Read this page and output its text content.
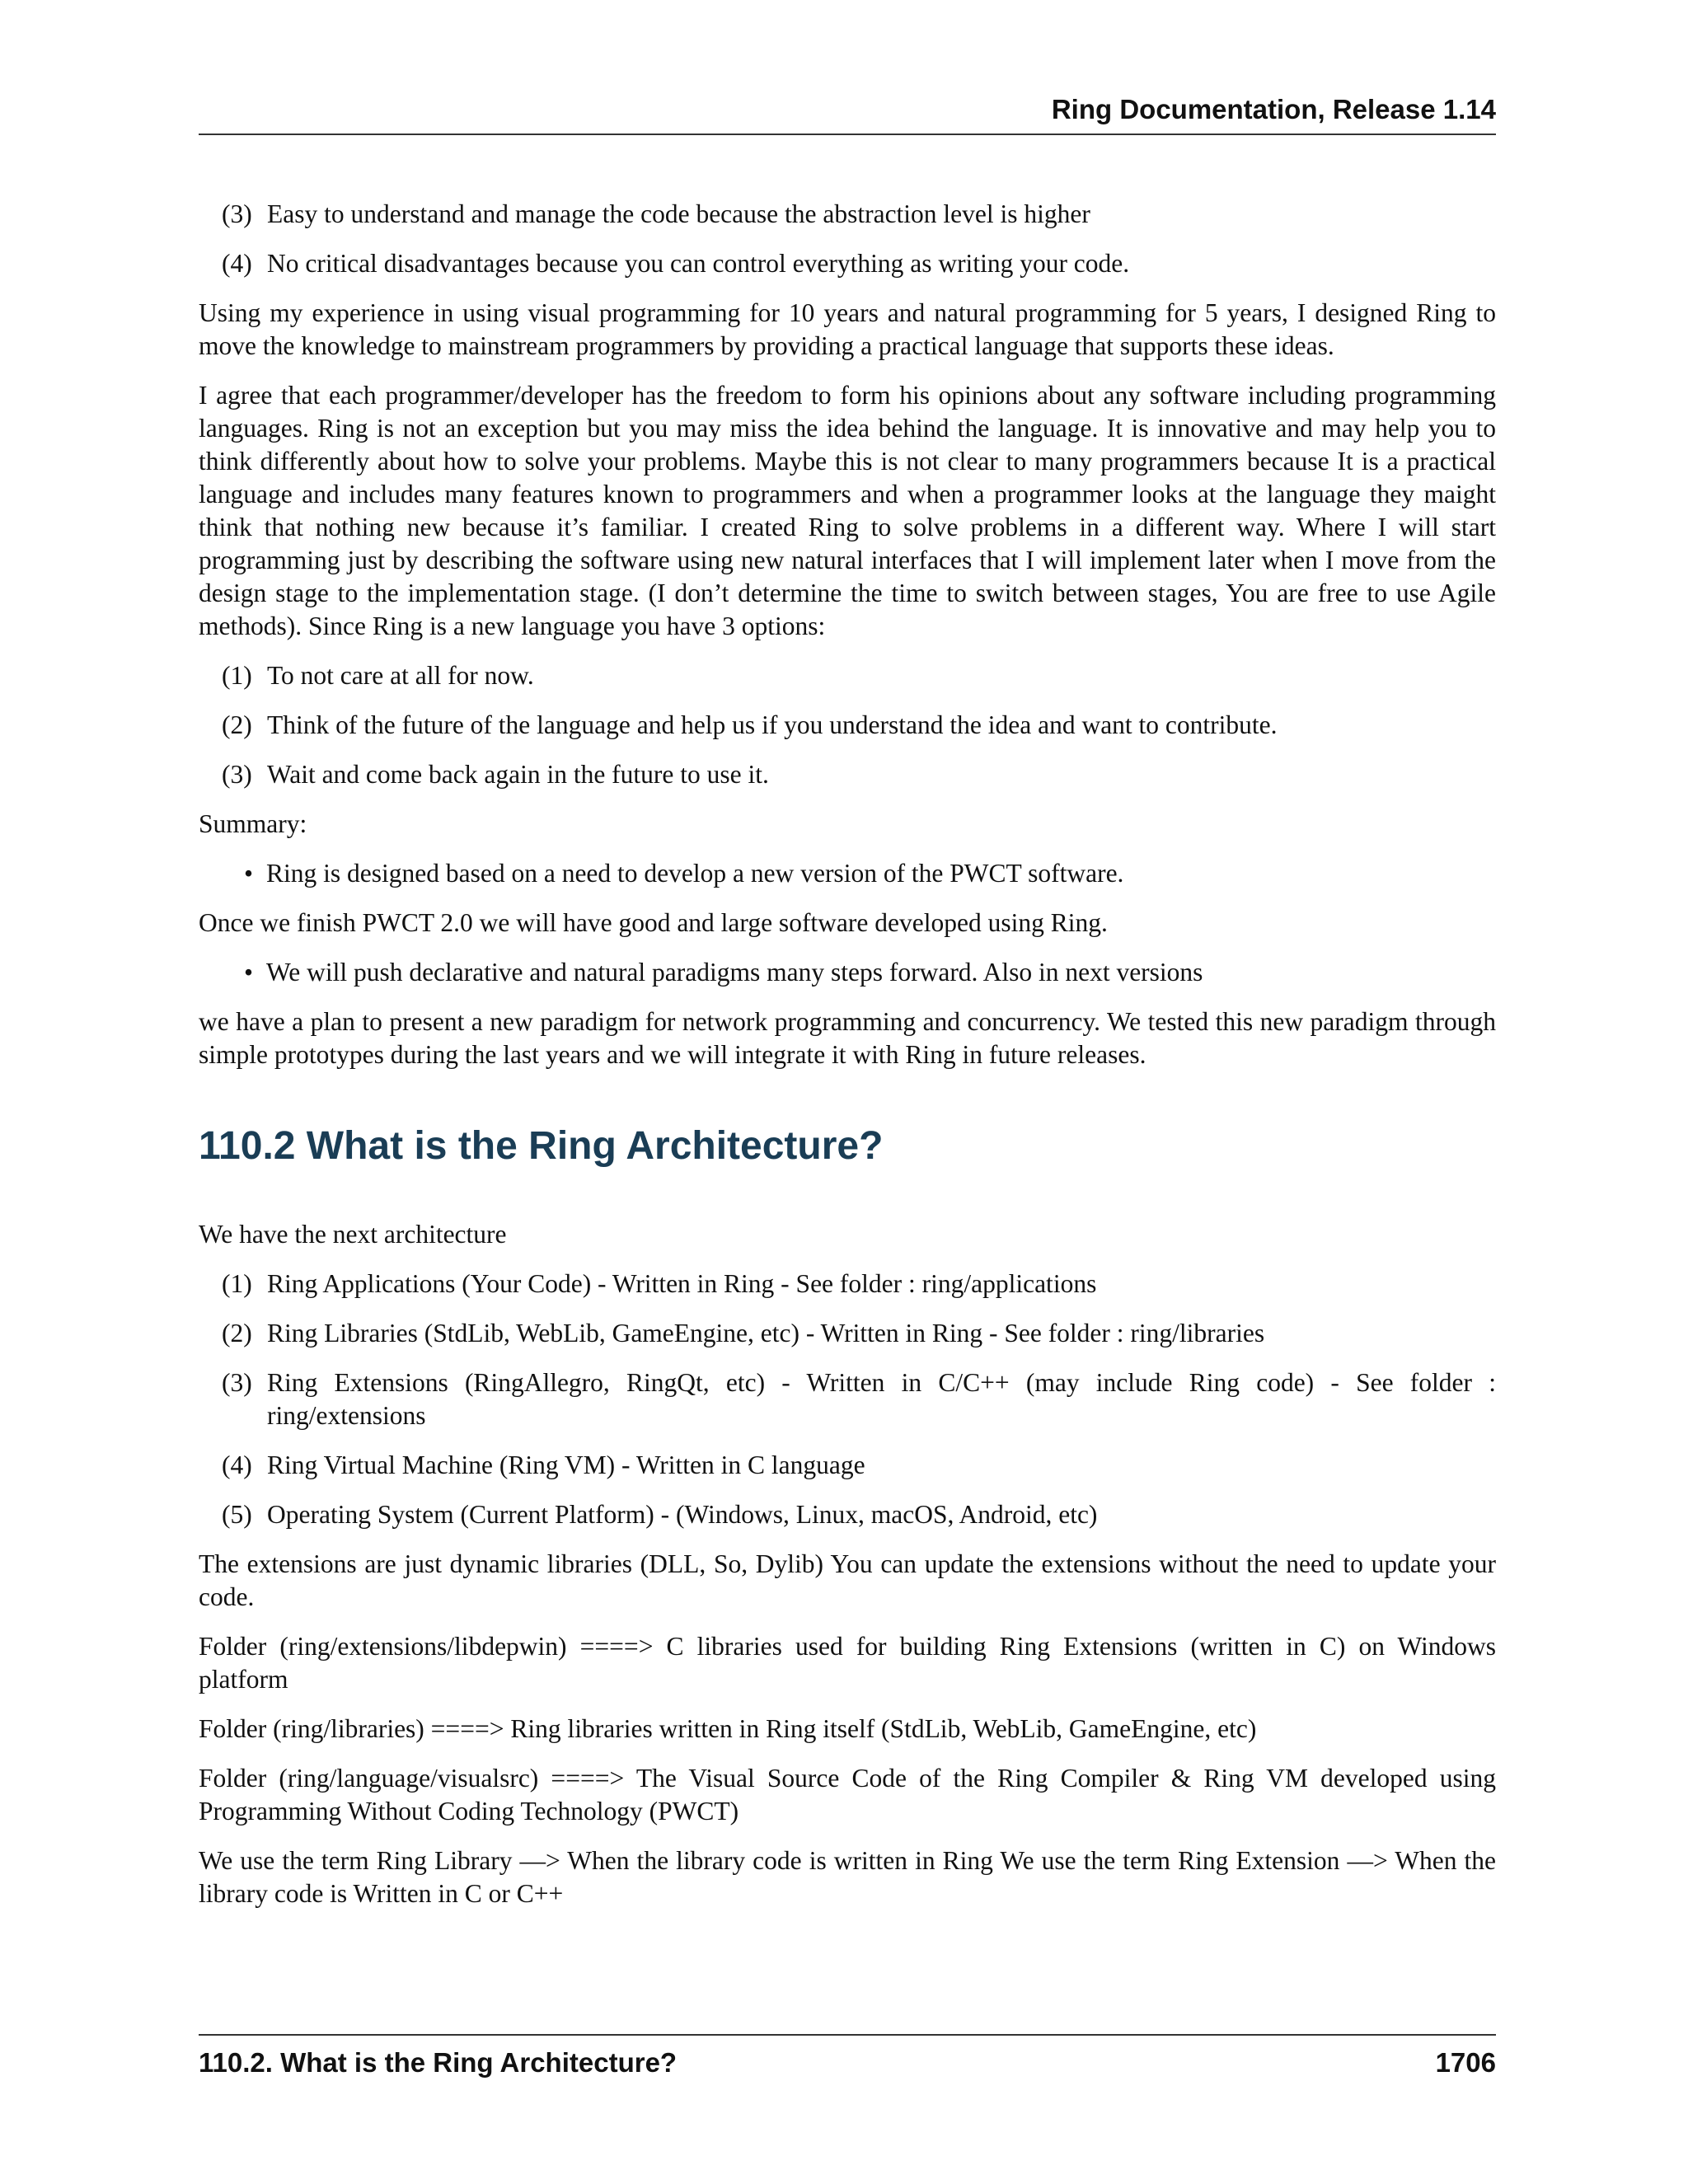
Ring Documentation, Release 1.14
(3) Easy to understand and manage the code because the abstraction level is higher
(4) No critical disadvantages because you can control everything as writing your code.

Using my experience in using visual programming for 10 years and natural programming for 5 years, I designed Ring to move the knowledge to mainstream programmers by providing a practical language that supports these ideas.

I agree that each programmer/developer has the freedom to form his opinions about any software including programming languages. Ring is not an exception but you may miss the idea behind the language. It is innovative and may help you to think differently about how to solve your problems. Maybe this is not clear to many programmers because It is a practical language and includes many features known to programmers and when a programmer looks at the language they maight think that nothing new because it’s familiar. I created Ring to solve problems in a different way. Where I will start programming just by describing the software using new natural interfaces that I will implement later when I move from the design stage to the implementation stage. (I don’t determine the time to switch between stages, You are free to use Agile methods). Since Ring is a new language you have 3 options:

(1) To not care at all for now.
(2) Think of the future of the language and help us if you understand the idea and want to contribute.
(3) Wait and come back again in the future to use it.

Summary:

• Ring is designed based on a need to develop a new version of the PWCT software.

Once we finish PWCT 2.0 we will have good and large software developed using Ring.

• We will push declarative and natural paradigms many steps forward. Also in next versions

we have a plan to present a new paradigm for network programming and concurrency. We tested this new paradigm through simple prototypes during the last years and we will integrate it with Ring in future releases.

110.2 What is the Ring Architecture?

We have the next architecture

(1) Ring Applications (Your Code) - Written in Ring - See folder : ring/applications
(2) Ring Libraries (StdLib, WebLib, GameEngine, etc) - Written in Ring - See folder : ring/libraries
(3) Ring Extensions (RingAllegro, RingQt, etc) - Written in C/C++ (may include Ring code) - See folder : ring/extensions
(4) Ring Virtual Machine (Ring VM) - Written in C language
(5) Operating System (Current Platform) - (Windows, Linux, macOS, Android, etc)

The extensions are just dynamic libraries (DLL, So, Dylib) You can update the extensions without the need to update your code.

Folder (ring/extensions/libdepwin) ====> C libraries used for building Ring Extensions (written in C) on Windows platform

Folder (ring/libraries) ====> Ring libraries written in Ring itself (StdLib, WebLib, GameEngine, etc)

Folder (ring/language/visualsrc) ====> The Visual Source Code of the Ring Compiler & Ring VM developed using Programming Without Coding Technology (PWCT)

We use the term Ring Library —> When the library code is written in Ring We use the term Ring Extension —> When the library code is Written in C or C++

110.2. What is the Ring Architecture?	1706
